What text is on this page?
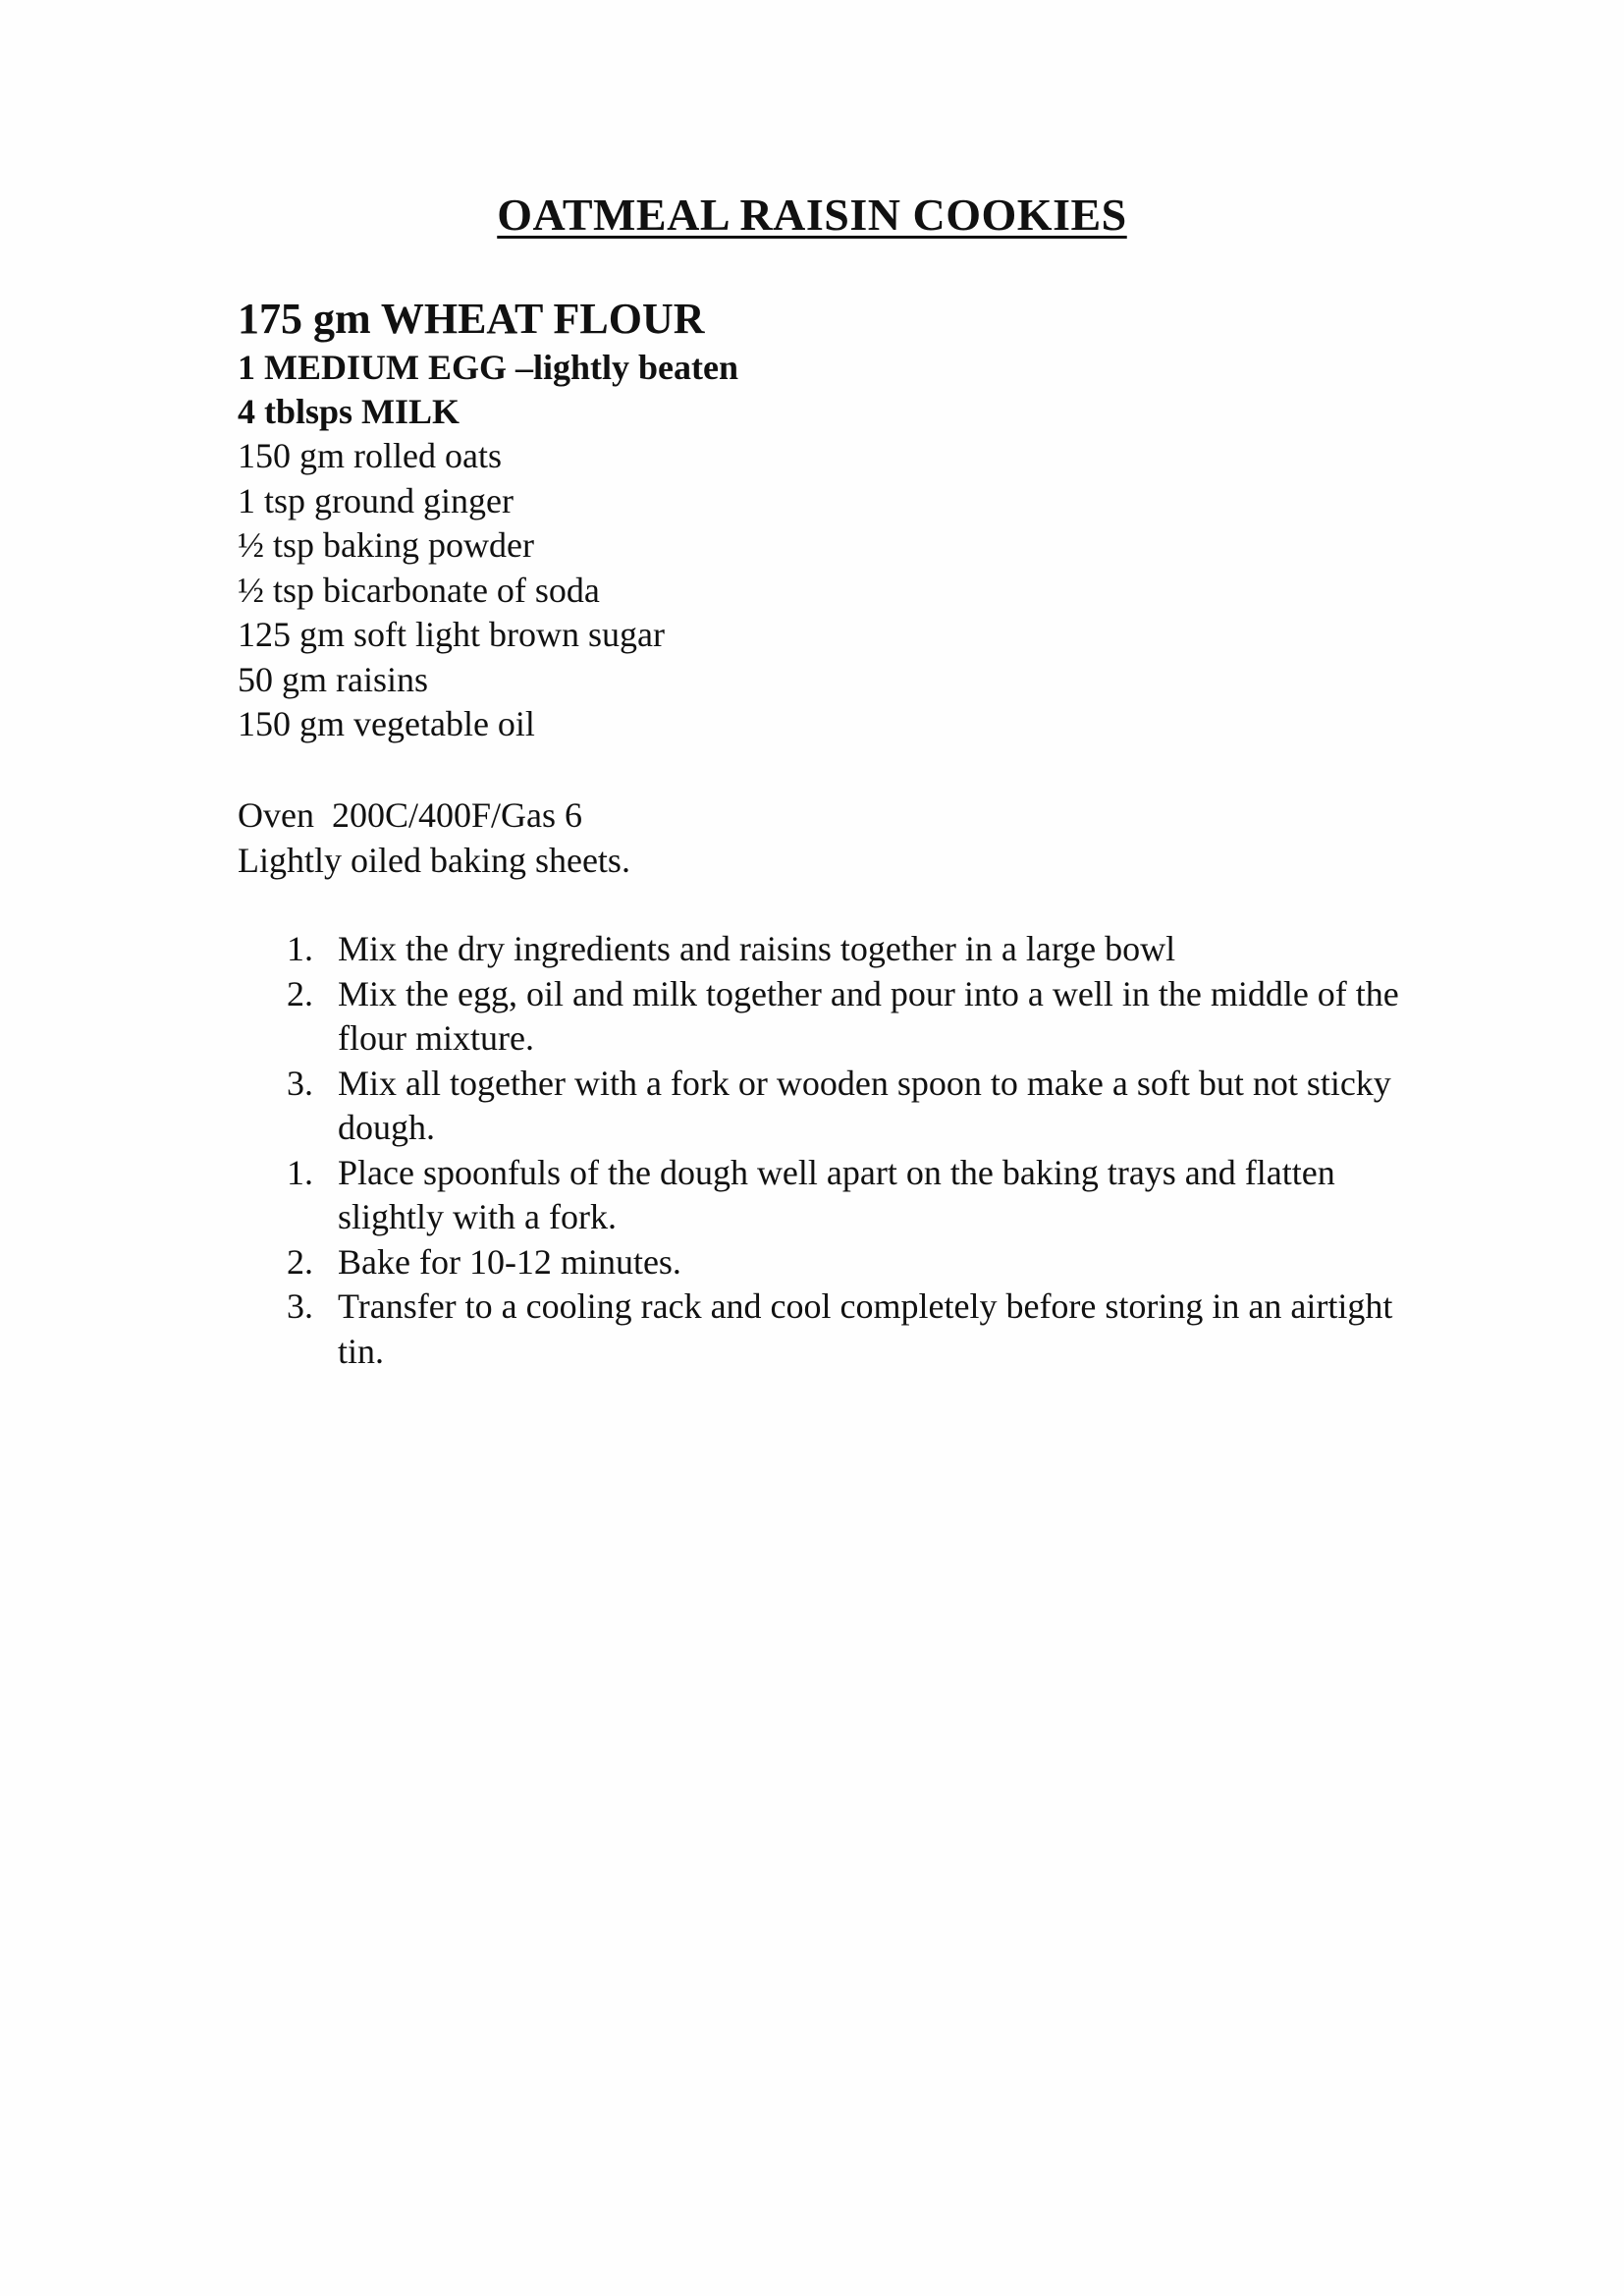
OATMEAL RAISIN COOKIES
175 gm WHEAT FLOUR
1 MEDIUM EGG –lightly beaten
4 tblsps MILK
150 gm rolled oats
1 tsp ground ginger
½ tsp baking powder
½ tsp bicarbonate of soda
125 gm soft light brown sugar
50 gm raisins
150 gm vegetable oil
Oven  200C/400F/Gas 6
Lightly oiled baking sheets.
1. Mix the dry ingredients and raisins together in a large bowl
2. Mix the egg, oil and milk together and pour into a well in the middle of the flour mixture.
3. Mix all together with a fork or wooden spoon to make a soft but not sticky dough.
1. Place spoonfuls of the dough well apart on the baking trays and flatten slightly with a fork.
2. Bake for 10-12 minutes.
3. Transfer to a cooling rack and cool completely before storing in an airtight tin.
